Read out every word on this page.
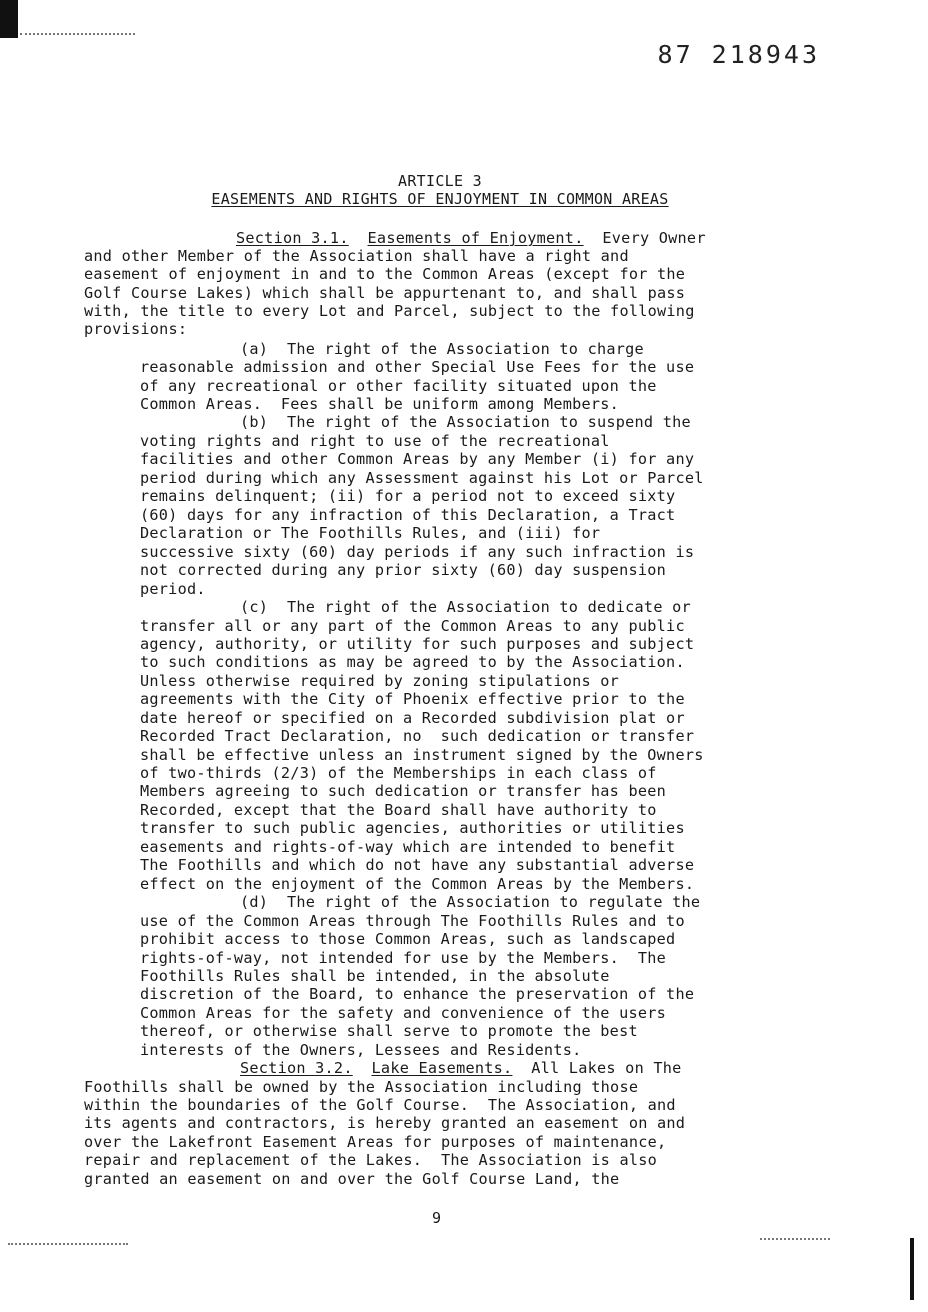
87 218943
ARTICLE 3
EASEMENTS AND RIGHTS OF ENJOYMENT IN COMMON AREAS
Section 3.1. Easements of Enjoyment. Every Owner
and other Member of the Association shall have a right and
easement of enjoyment in and to the Common Areas (except for the
Golf Course Lakes) which shall be appurtenant to, and shall pass
with, the title to every Lot and Parcel, subject to the following
provisions:
(a)  The right of the Association to charge
reasonable admission and other Special Use Fees for the use
of any recreational or other facility situated upon the
Common Areas.  Fees shall be uniform among Members.
(b)  The right of the Association to suspend the
voting rights and right to use of the recreational
facilities and other Common Areas by any Member (i) for any
period during which any Assessment against his Lot or Parcel
remains delinquent; (ii) for a period not to exceed sixty
(60) days for any infraction of this Declaration, a Tract
Declaration or The Foothills Rules, and (iii) for
successive sixty (60) day periods if any such infraction is
not corrected during any prior sixty (60) day suspension
period.
(c)  The right of the Association to dedicate or
transfer all or any part of the Common Areas to any public
agency, authority, or utility for such purposes and subject
to such conditions as may be agreed to by the Association.
Unless otherwise required by zoning stipulations or
agreements with the City of Phoenix effective prior to the
date hereof or specified on a Recorded subdivision plat or
Recorded Tract Declaration, no  such dedication or transfer
shall be effective unless an instrument signed by the Owners
of two-thirds (2/3) of the Memberships in each class of
Members agreeing to such dedication or transfer has been
Recorded, except that the Board shall have authority to
transfer to such public agencies, authorities or utilities
easements and rights-of-way which are intended to benefit
The Foothills and which do not have any substantial adverse
effect on the enjoyment of the Common Areas by the Members.
(d)  The right of the Association to regulate the
use of the Common Areas through The Foothills Rules and to
prohibit access to those Common Areas, such as landscaped
rights-of-way, not intended for use by the Members.  The
Foothills Rules shall be intended, in the absolute
discretion of the Board, to enhance the preservation of the
Common Areas for the safety and convenience of the users
thereof, or otherwise shall serve to promote the best
interests of the Owners, Lessees and Residents.
Section 3.2. Lake Easements. All Lakes on The
Foothills shall be owned by the Association including those
within the boundaries of the Golf Course.  The Association, and
its agents and contractors, is hereby granted an easement on and
over the Lakefront Easement Areas for purposes of maintenance,
repair and replacement of the Lakes.  The Association is also
granted an easement on and over the Golf Course Land, the
9
